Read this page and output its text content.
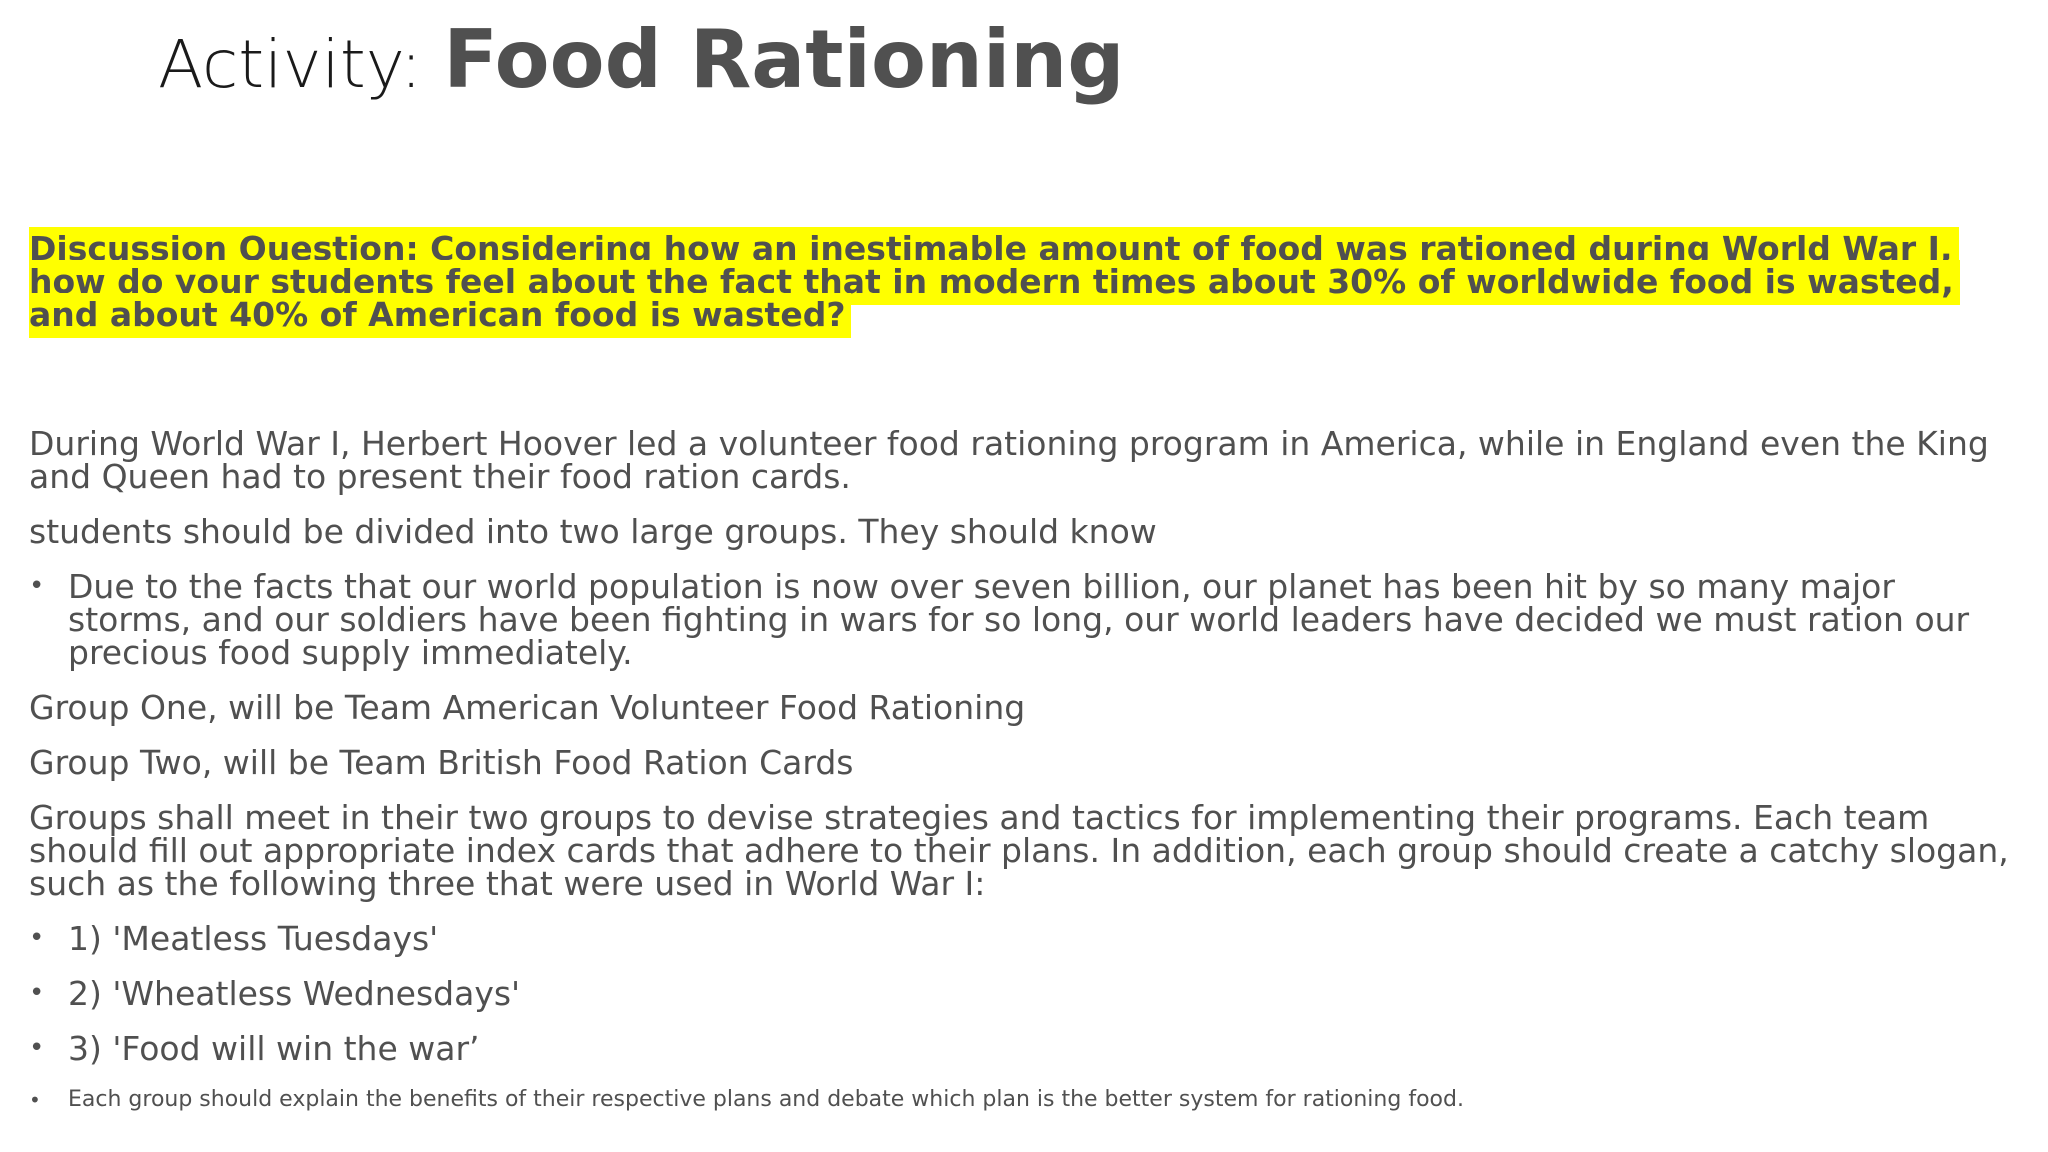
Activity: Food Rationing

Discussion Question: Considering how an inestimable amount of food was rationed during World War I, how do your students feel about the fact that in modern times about 30% of worldwide food is wasted, and about 40% of American food is wasted?

During World War I, Herbert Hoover led a volunteer food rationing program in America, while in England even the King and Queen had to present their food ration cards.

students should be divided into two large groups. They should know

• Due to the facts that our world population is now over seven billion, our planet has been hit by so many major storms, and our soldiers have been fighting in wars for so long, our world leaders have decided we must ration our precious food supply immediately.

Group One, will be Team American Volunteer Food Rationing

Group Two, will be Team British Food Ration Cards

Groups shall meet in their two groups to devise strategies and tactics for implementing their programs. Each team should fill out appropriate index cards that adhere to their plans. In addition, each group should create a catchy slogan, such as the following three that were used in World War I:

• 1) 'Meatless Tuesdays'
• 2) 'Wheatless Wednesdays'
• 3) 'Food will win the war’
• Each group should explain the benefits of their respective plans and debate which plan is the better system for rationing food.
